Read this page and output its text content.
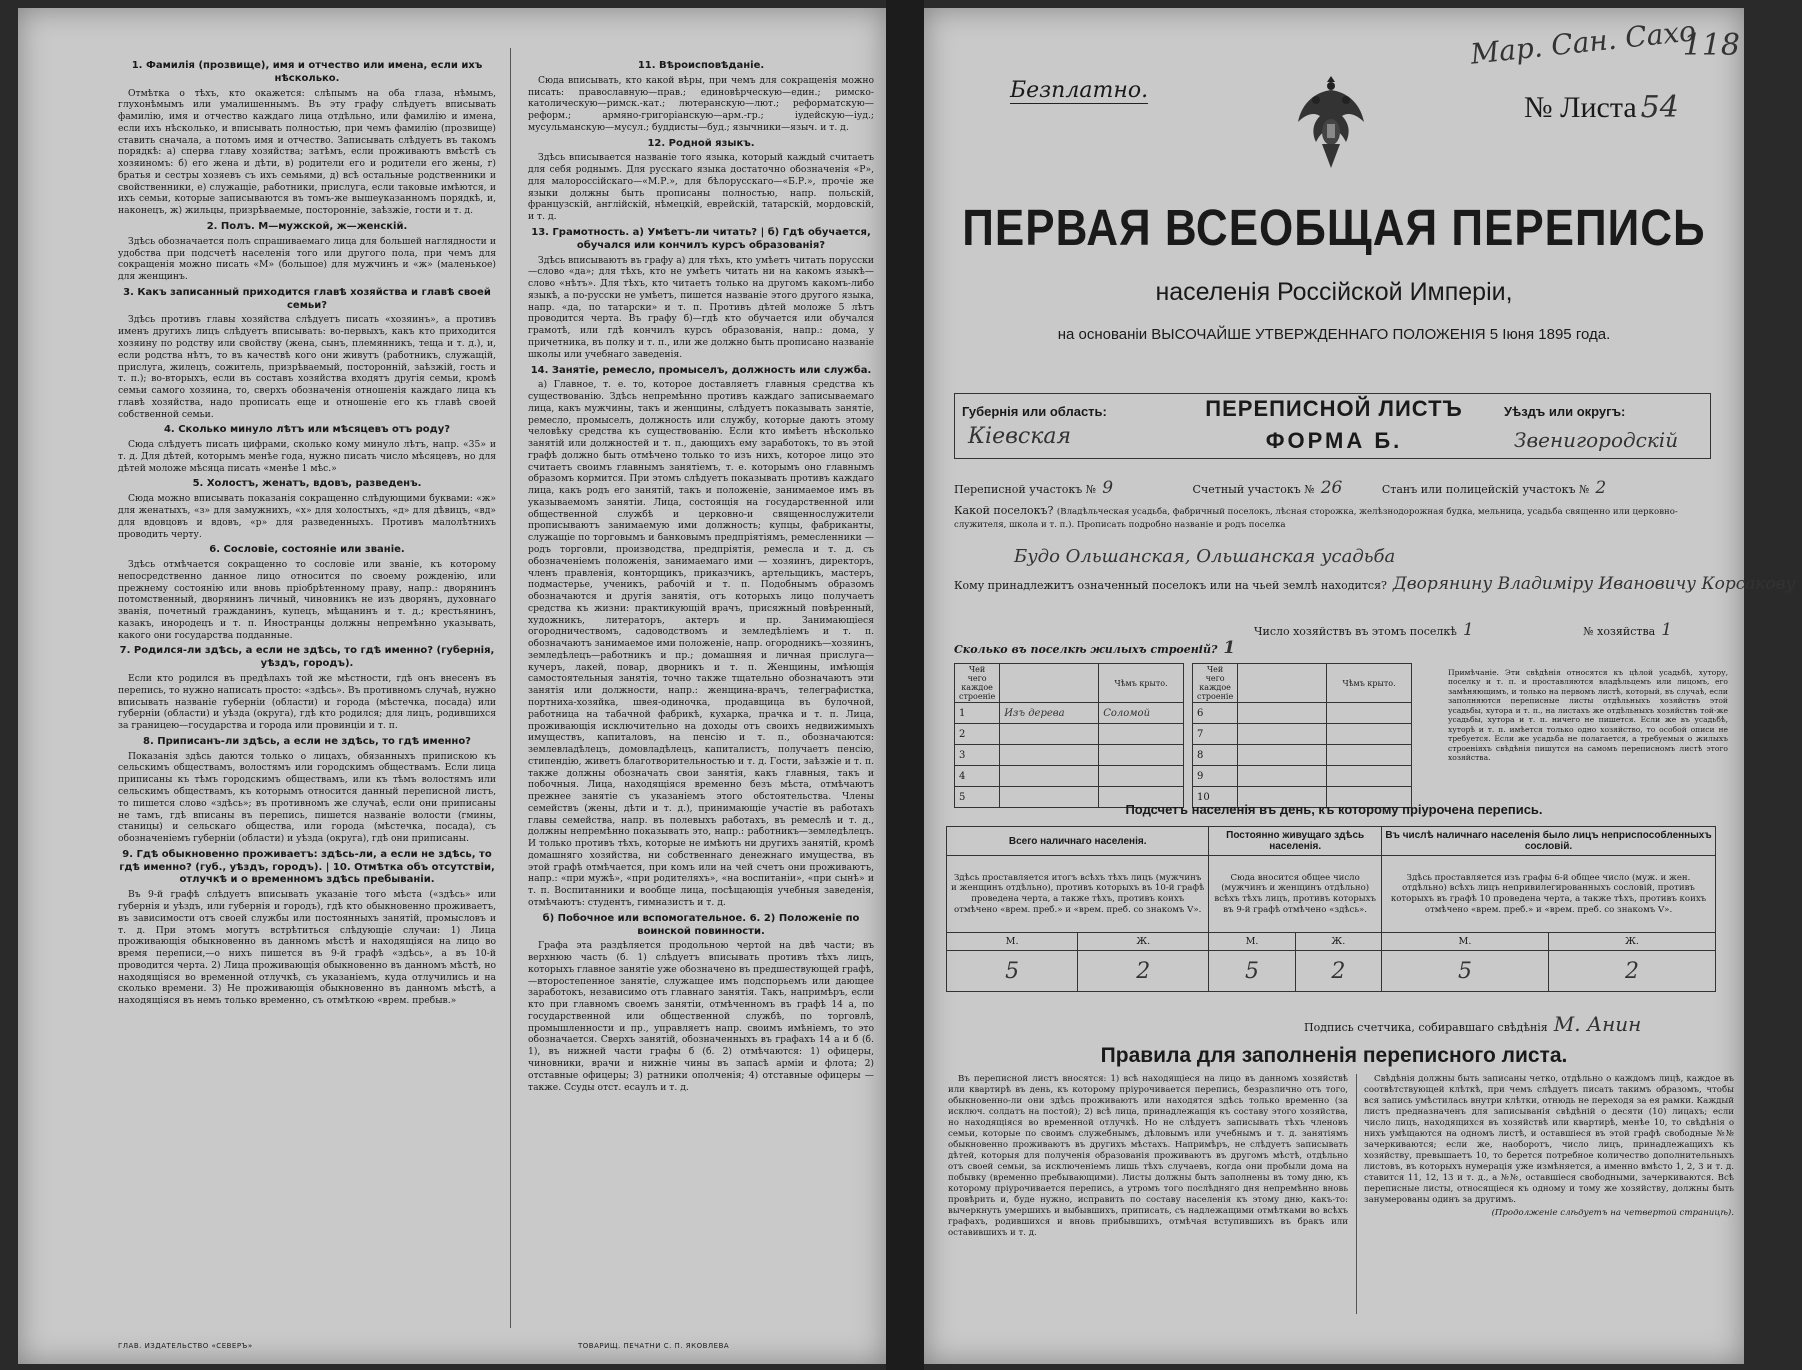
1. Фамилія (прозвище), имя и отчество или имена, если ихъ нѣсколько.

Отмѣтка о тѣхъ, кто окажется: слѣпымъ на оба глаза, нѣмымъ, глухонѣмымъ или умалишеннымъ. Въ эту графу слѣдуетъ вписывать фамилію, имя и отчество каждаго лица отдѣльно, или фамилію и имена, если ихъ нѣсколько, и вписывать полностью, при чемъ фамилію (прозвище) ставить сначала, а потомъ имя и отчество. Записывать слѣдуетъ въ такомъ порядкѣ: а) сперва главу хозяйства; затѣмъ, если проживаютъ вмѣстѣ съ хозяиномъ: б) его жена и дѣти, в) родители его и родители его жены, г) братья и сестры хозяевъ съ ихъ семьями, д) всѣ остальные родственники и свойственники, е) служащіе, работники, прислуга, если таковые имѣются, и ихъ семьи, которые записываются въ томъ-же вышеуказанномъ порядкѣ, и, наконецъ, ж) жильцы, призрѣваемые, посторонніе, заѣзжіе, гости и т. д.

2. Полъ. М—мужской, ж—женскій.

Здѣсь обозначается полъ спрашиваемаго лица для большей наглядности и удобства при подсчетѣ населенія того или другого пола, при чемъ для сокращенія можно писать «М» (большое) для мужчинъ и «ж» (маленькое) для женщинъ.

3. Какъ записанный приходится главѣ хозяйства и главѣ своей семьи?

Здѣсь противъ главы хозяйства слѣдуетъ писать «хозяинъ», а противъ именъ другихъ лицъ слѣдуетъ вписывать: во-первыхъ, какъ кто приходится хозяину по родству или свойству (жена, сынъ, племянникъ, теща и т. д.), и, если родства нѣтъ, то въ качествѣ кого они живутъ (работникъ, служащій, прислуга, жилецъ, сожитель, призрѣваемый, посторонній, заѣзжій, гость и т. п.); во-вторыхъ, если въ составъ хозяйства входятъ другія семьи, кромѣ семьи самого хозяина, то, сверхъ обозначенія отношенія каждаго лица къ главѣ хозяйства, надо прописать еще и отношеніе его къ главѣ своей собственной семьи.

4. Сколько минуло лѣтъ или мѣсяцевъ отъ роду?

Сюда слѣдуетъ писать цифрами, сколько кому минуло лѣтъ, напр. «35» и т. д. Для дѣтей, которымъ менѣе года, нужно писать число мѣсяцевъ, но для дѣтей моложе мѣсяца писать «менѣе 1 мѣс.»

5. Холостъ, женатъ, вдовъ, разведенъ.

Сюда можно вписывать показанія сокращенно слѣдующими буквами: «ж» для женатыхъ, «з» для замужнихъ, «х» для холостыхъ, «д» для дѣвицъ, «вд» для вдовцовъ и вдовъ, «р» для разведенныхъ. Противъ малолѣтнихъ проводить черту.

6. Сословіе, состояніе или званіе.

Здѣсь отмѣчается сокращенно то сословіе или званіе, къ которому непосредственно данное лицо относится по своему рожденію, или прежнему состоянію или вновь пріобрѣтенному праву, напр.: дворянинъ потомственный, дворянинъ личный, чиновникъ не изъ дворянъ, духовнаго званія, почетный гражданинъ, купецъ, мѣщанинъ и т. д.; крестьянинъ, казакъ, инородецъ и т. п. Иностранцы должны непремѣнно указывать, какого они государства подданные.

7. Родился-ли здѣсь, а если не здѣсь, то гдѣ именно? (губернія, уѣздъ, городъ).

Если кто родился въ предѣлахъ той же мѣстности, гдѣ онъ внесенъ въ перепись, то нужно написать просто: «здѣсь». Въ противномъ случаѣ, нужно вписывать названіе губерніи (области) и города (мѣстечка, посада) или губерніи (области) и уѣзда (округа), гдѣ кто родился; для лицъ, родившихся за границею—государства и города или провинціи и т. п.

8. Приписанъ-ли здѣсь, а если не здѣсь, то гдѣ именно?

Показанія здѣсь даются только о лицахъ, обязанныхъ припискою къ сельскимъ обществамъ, волостямъ или городскимъ обществамъ. Если лица приписаны къ тѣмъ городскимъ обществамъ, или къ тѣмъ волостямъ или сельскимъ обществамъ, къ которымъ относится данный переписной листъ, то пишется слово «здѣсь»; въ противномъ же случаѣ, если они приписаны не тамъ, гдѣ вписаны въ перепись, пишется названіе волости (гмины, станицы) и сельскаго общества, или города (мѣстечка, посада), съ обозначеніемъ губерніи (области) и уѣзда (округа), гдѣ они приписаны.

9. Гдѣ обыкновенно проживаетъ: здѣсь-ли, а если не здѣсь, то гдѣ именно? (губ., уѣздъ, городъ). | 10. Отмѣтка объ отсутствіи, отлучкѣ и о временномъ здѣсь пребываніи.

Въ 9-й графѣ слѣдуетъ вписывать указаніе того мѣста («здѣсь» или губернія и уѣздъ, или губернія и городъ), гдѣ кто обыкновенно проживаетъ, въ зависимости отъ своей службы или постоянныхъ занятій, промысловъ и т. д. При этомъ могутъ встрѣтиться слѣдующіе случаи: 1) Лица проживающія обыкновенно въ данномъ мѣстѣ и находящіяся на лицо во время переписи,—о нихъ пишется въ 9-й графѣ «здѣсь», а въ 10-й проводится черта. 2) Лица проживающія обыкновенно въ данномъ мѣстѣ, но находящіяся во временной отлучкѣ, съ указаніемъ, куда отлучились и на сколько времени. 3) Не проживающія обыкновенно въ данномъ мѣстѣ, а находящіяся въ немъ только временно, съ отмѣткою «врем. пребыв.»

11. Вѣроисповѣданіе.

Сюда вписывать, кто какой вѣры, при чемъ для сокращенія можно писать: православную—прав.; единовѣрческую—един.; римско-католическую—римск.-кат.; лютеранскую—лют.; реформатскую—реформ.; армяно-григоріанскую—арм.-гр.; іудейскую—іуд.; мусульманскую—мусул.; буддисты—буд.; язычники—языч. и т. д.

12. Родной языкъ.

Здѣсь вписывается названіе того языка, который каждый считаетъ для себя роднымъ. Для русскаго языка достаточно обозначенія «Р», для малороссійскаго—«М.Р.», для бѣлорусскаго—«Б.Р.», прочіе же языки должны быть прописаны полностью, напр. польскій, французскій, англійскій, нѣмецкій, еврейскій, татарскій, мордовскій, и т. д.

13. Грамотность. а) Умѣетъ-ли читать? | б) Гдѣ обучается, обучался или кончилъ курсъ образованія?

Здѣсь вписываютъ въ графу а) для тѣхъ, кто умѣетъ читать порусски—слово «да»; для тѣхъ, кто не умѣетъ читать ни на какомъ языкѣ—слово «нѣтъ». Для тѣхъ, кто читаетъ только на другомъ какомъ-либо языкѣ, а по-русски не умѣетъ, пишется названіе этого другого языка, напр. «да, по татарски» и т. п. Противъ дѣтей моложе 5 лѣтъ проводится черта. Въ графу б)—гдѣ кто обучается или обучался грамотѣ, или гдѣ кончилъ курсъ образованія, напр.: дома, у причетника, въ полку и т. п., или же должно быть прописано названіе школы или учебнаго заведенія.

14. Занятіе, ремесло, промыселъ, должность или служба.

а) Главное, т. е. то, которое доставляетъ главныя средства къ существованію. Здѣсь непремѣнно противъ каждаго записываемаго лица, какъ мужчины, такъ и женщины, слѣдуетъ показывать занятіе, ремесло, промыселъ, должность или службу, которые даютъ этому человѣку средства къ существованію. Если кто имѣетъ нѣсколько занятій или должностей и т. п., дающихъ ему заработокъ, то въ этой графѣ должно быть отмѣчено только то изъ нихъ, которое лицо это считаетъ своимъ главнымъ занятіемъ, т. е. которымъ оно главнымъ образомъ кормится. При этомъ слѣдуетъ показывать противъ каждаго лица, какъ родъ его занятій, такъ и положеніе, занимаемое имъ въ указываемомъ занятіи. Лица, состоящія на государственной или общественной службѣ и церковно-и священнослужители прописываютъ занимаемую ими должность; купцы, фабриканты, служащіе по торговымъ и банковымъ предпріятіямъ, ремесленники — родъ торговли, производства, предпріятія, ремесла и т. д. съ обозначеніемъ положенія, занимаемаго ими — хозяинъ, директоръ, членъ правленія, конторщикъ, приказчикъ, артельщикъ, мастеръ, подмастерье, ученикъ, рабочій и т. п. Подобнымъ образомъ обозначаются и другія занятія, отъ которыхъ лицо получаетъ средства къ жизни: практикующій врачъ, присяжный повѣренный, художникъ, литераторъ, актеръ и пр. Занимающіеся огородничествомъ, садоводствомъ и земледѣліемъ и т. п. обозначаютъ занимаемое ими положеніе, напр. огородникъ—хозяинъ, земледѣлецъ—работникъ и пр.; домашняя и личная прислуга—кучеръ, лакей, повар, дворникъ и т. п. Женщины, имѣющія самостоятельныя занятія, точно также тщательно обозначаютъ эти занятія или должности, напр.: женщина-врачъ, телеграфистка, портниха-хозяйка, швея-одиночка, продавщица въ булочной, работница на табачной фабрикѣ, кухарка, прачка и т. п. Лица, проживающія исключительно на доходы отъ своихъ недвижимыхъ имуществъ, капиталовъ, на пенсію и т. п., обозначаются: землевладѣлецъ, домовладѣлецъ, капиталистъ, получаетъ пенсію, стипендію, живетъ благотворительностью и т. д. Гости, заѣзжіе и т. п. также должны обозначать свои занятія, какъ главныя, такъ и побочныя. Лица, находящіяся временно безъ мѣста, отмѣчаютъ прежнее занятіе съ указаніемъ этого обстоятельства. Члены семействъ (жены, дѣти и т. д.), принимающіе участіе въ работахъ главы семейства, напр. въ полевыхъ работахъ, въ ремеслѣ и т. д., должны непремѣнно показывать это, напр.: работникъ—земледѣлецъ. И только противъ тѣхъ, которые не имѣютъ ни другихъ занятій, кромѣ домашняго хозяйства, ни собственнаго денежнаго имущества, въ этой графѣ отмѣчается, при комъ или на чей счетъ они проживаютъ, напр.: «при мужѣ», «при родителяхъ», «на воспитаніи», «при сынѣ» и т. п. Воспитанники и вообще лица, посѣщающія учебныя заведенія, отмѣчаютъ: студентъ, гимназистъ и т. д.

б) Побочное или вспомогательное. 6. 2) Положеніе по воинской повинности.

Графа эта раздѣляется продольною чертой на двѣ части; въ верхнюю часть (б. 1) слѣдуетъ вписывать противъ тѣхъ лицъ, которыхъ главное занятіе уже обозначено въ предшествующей графѣ,—второстепенное занятіе, служащее имъ подспорьемъ или дающее заработокъ, независимо отъ главнаго занятія. Такъ, напримѣръ, если кто при главномъ своемъ занятіи, отмѣченномъ въ графѣ 14 а, по государственной или общественной службѣ, по торговлѣ, промышленности и пр., управляетъ напр. своимъ имѣніемъ, то это обозначается. Сверхъ занятій, обозначенныхъ въ графахъ 14 а и б (б. 1), въ нижней части графы б (б. 2) отмѣчаются: 1) офицеры, чиновники, врачи и нижніе чины въ запасѣ армiи и флота; 2) отставные офицеры; 3) ратники ополченія; 4) отставные офицеры — также. Ссуды отст. есаулъ и т. д.

ГЛАВ. ИЗДАТЕЛЬСТВО «СЕВЕРЪ»	ТОВАРИЩ. ПЕЧАТНИ С. П. ЯКОВЛЕВА
Мар. Сан. Сахо
118
Безплатно.
№ Листа 54
ПЕРВАЯ ВСЕОБЩАЯ ПЕРЕПИСЬ
населенія Россійской Имперіи,
на основаніи ВЫСОЧАЙШЕ УТВЕРЖДЕННАГО ПОЛОЖЕНІЯ 5 Іюня 1895 года.
Губернія или область:
Кіевская
ПЕРЕПИСНОЙ ЛИСТЪ
ФОРМА Б.
Уѣздъ или округъ:
Звенигородскій
Переписной участокъ № 9	Счетный участокъ № 26	Станъ или полицейскій участокъ № 2
Какой поселокъ? (Владѣльческая усадьба, фабричный поселокъ, лѣсная сторожка, желѣзнодорожная будка, мельница, усадьба священно или церковно-служителя, школа и т. п.). Прописать подробно названіе и родъ поселка
Будо Ольшанская, Ольшанская усадьба
Кому принадлежитъ означенный поселокъ или на чьей землѣ находится? Дворянину Владиміру Ивановичу Корсакову
Число хозяйствъ въ этомъ поселкѣ 1	№ хозяйства 1
Сколько въ поселкѣ жилыхъ строеній? 1
Чей чего каждое строеніе		Чѣмъ крыто.
1	Изъ дерева	Соломой
2		
3		
4		
5		
Чей чего каждое строеніе		Чѣмъ крыто.
6		
7		
8		
9		
10		
Примѣчаніе. Эти свѣдѣнія относятся къ цѣлой усадьбѣ, хутору, поселку и т. п. и проставляются владѣльцемъ или лицомъ, его замѣняющимъ, и только на первомъ листѣ, который, въ случаѣ, если заполняются переписные листы отдѣльныхъ хозяйствъ этой усадьбы, хутора и т. п., на листахъ же отдѣльныхъ хозяйствъ той-же усадьбы, хутора и т. п. ничего не пишется. Если же въ усадьбѣ, хуторѣ и т. п. имѣется только одно хозяйство, то особой описи не требуется. Если же усадьба не полагается, а требуемыя о жилыхъ строеніяхъ свѣдѣнія пишутся на самомъ переписномъ листѣ этого хозяйства.
Подсчетъ населенія въ день, къ которому пріурочена перепись.
Всего наличнаго населенія.		Постоянно живущаго здѣсь населенія.		Въ числѣ наличнаго населенія было лицъ неприспособленныхъ сословій.	
Здѣсь проставляется итогъ всѣхъ тѣхъ лицъ (мужчинъ и женщинъ отдѣльно), противъ которыхъ въ 10-й графѣ проведена черта, а также тѣхъ, противъ коихъ отмѣчено «врем. преб.» и «врем. преб. со знакомъ V».		Сюда вносится общее число (мужчинъ и женщинъ отдѣльно) всѣхъ тѣхъ лицъ, противъ которыхъ въ 9-й графѣ отмѣчено «здѣсь».		Здѣсь проставляется изъ графы 6-й общее число (муж. и жен. отдѣльно) всѣхъ лицъ непривилегированныхъ сословій, противъ которыхъ въ графѣ 10 проведена черта, а также тѣхъ, противъ коихъ отмѣчено «врем. преб.» и «врем. преб. со знакомъ V».	
М.	Ж.	М.	Ж.	М.	Ж.
5	2	5	2	5	2
Подпись счетчика, собиравшаго свѣдѣнія М. Анин
Правила для заполненія переписного листа.

Въ переписной листъ вносятся: 1) всѣ находящіеся на лицо въ данномъ хозяйствѣ или квартирѣ въ день, къ которому пріурочивается перепись, безразлично отъ того, обыкновенно-ли они здѣсь проживаютъ или находятся здѣсь только временно (за исключ. солдатъ на постой); 2) всѣ лица, принадлежащія къ составу этого хозяйства, но находящіяся во временной отлучкѣ. Но не слѣдуетъ записывать тѣхъ членовъ семьи, которые по своимъ служебнымъ, дѣловымъ или учебнымъ и т. д. занятіямъ обыкновенно проживаютъ въ другихъ мѣстахъ. Напримѣръ, не слѣдуетъ записывать дѣтей, которыя для полученія образованія проживаютъ въ другомъ мѣстѣ, отдѣльно отъ своей семьи, за исключеніемъ лишь тѣхъ случаевъ, когда они пробыли дома на побывку (временно пребывающими). Листы должны быть заполнены въ тому дню, къ которому пріурочивается перепись, а утромъ того послѣдняго дня непремѣнно вновь провѣрить и, буде нужно, исправить по составу населенія къ этому дню, какъ-то: вычеркнуть умершихъ и выбывшихъ, приписать, съ надлежащими отмѣтками во всѣхъ графахъ, родившихся и вновь прибывшихъ, отмѣчая вступившихъ въ бракъ или оставившихъ и т. д.

Свѣдѣнія должны быть записаны четко, отдѣльно о каждомъ лицѣ, каждое въ соотвѣтствующей клѣткѣ, при чемъ слѣдуетъ писать такимъ образомъ, чтобы вся запись умѣстилась внутри клѣтки, отнюдь не переходя за ея рамки. Каждый листъ предназначенъ для записыванія свѣдѣній о десяти (10) лицахъ; если число лицъ, находящихся въ хозяйствѣ или квартирѣ, менѣе 10, то свѣдѣнія о нихъ умѣщаются на одномъ листѣ, и оставшіеся въ этой графѣ свободные №№ зачеркиваются; если же, наоборотъ, число лицъ, принадлежащихъ къ хозяйству, превышаетъ 10, то берется потребное количество дополнительныхъ листовъ, въ которыхъ нумерація уже измѣняется, а именно вмѣсто 1, 2, 3 и т. д. ставится 11, 12, 13 и т. д., а №№, оставшіеся свободными, зачеркиваются. Всѣ переписные листы, относящіеся къ одному и тому же хозяйству, должны быть занумерованы одинъ за другимъ.

(Продолженіе слѣдуетъ на четвертой страницѣ).
